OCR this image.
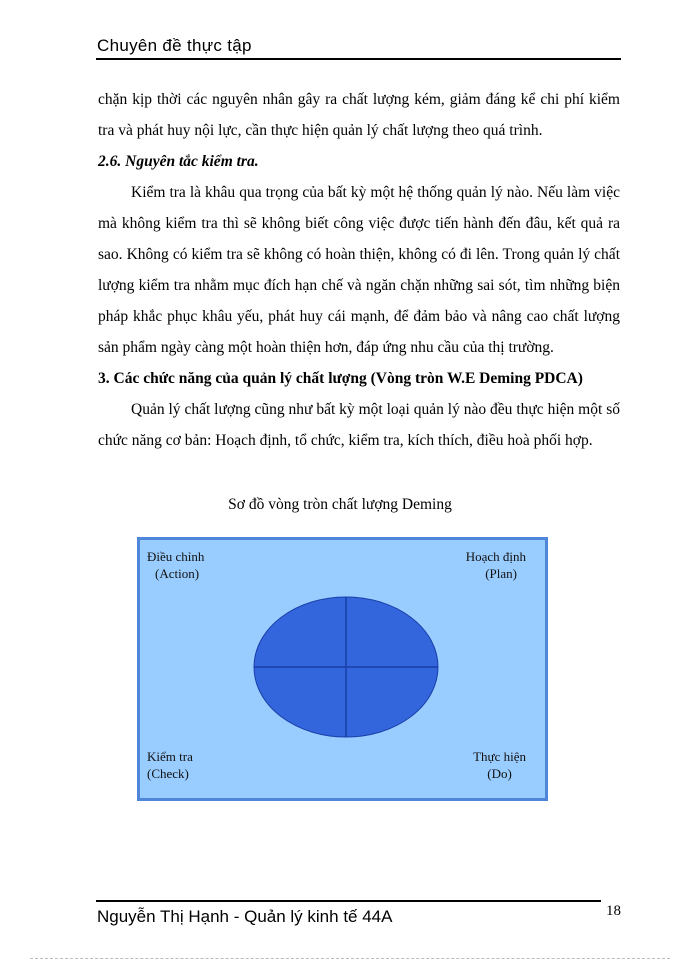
Chuyên đề thực tập

chặn kịp thời các nguyên nhân gây ra chất lượng kém, giảm đáng kể chi phí kiểm tra và phát huy nội lực, cần thực hiện quản lý chất lượng theo quá trình.

2.6. Nguyên tắc kiểm tra.

Kiểm tra là khâu qua trọng của bất kỳ một hệ thống quản lý nào. Nếu làm việc mà không kiểm tra thì sẽ không biết công việc được tiến hành đến đâu, kết quả ra sao. Không có kiểm tra sẽ không có hoàn thiện, không có đi lên. Trong quản lý chất lượng kiểm tra nhằm mục đích hạn chế và ngăn chặn những sai sót, tìm những biện pháp khắc phục khâu yếu, phát huy cái mạnh, để đảm bảo và nâng cao chất lượng sản phẩm ngày càng một hoàn thiện hơn, đáp ứng nhu cầu của thị trường.

3. Các chức năng của quản lý chất lượng (Vòng tròn W.E Deming PDCA)

Quản lý chất lượng cũng như bất kỳ một loại quản lý nào đều thực hiện một số chức năng cơ bản: Hoạch định, tổ chức, kiểm tra, kích thích, điều hoà phối hợp.

Sơ đồ vòng tròn chất lượng Deming
Điều chỉnh
(Action)
Hoạch định
(Plan)
Kiểm tra
(Check)
Thực hiện
(Do)
Nguyễn Thị Hạnh - Quản lý kinh tế 44A	18
